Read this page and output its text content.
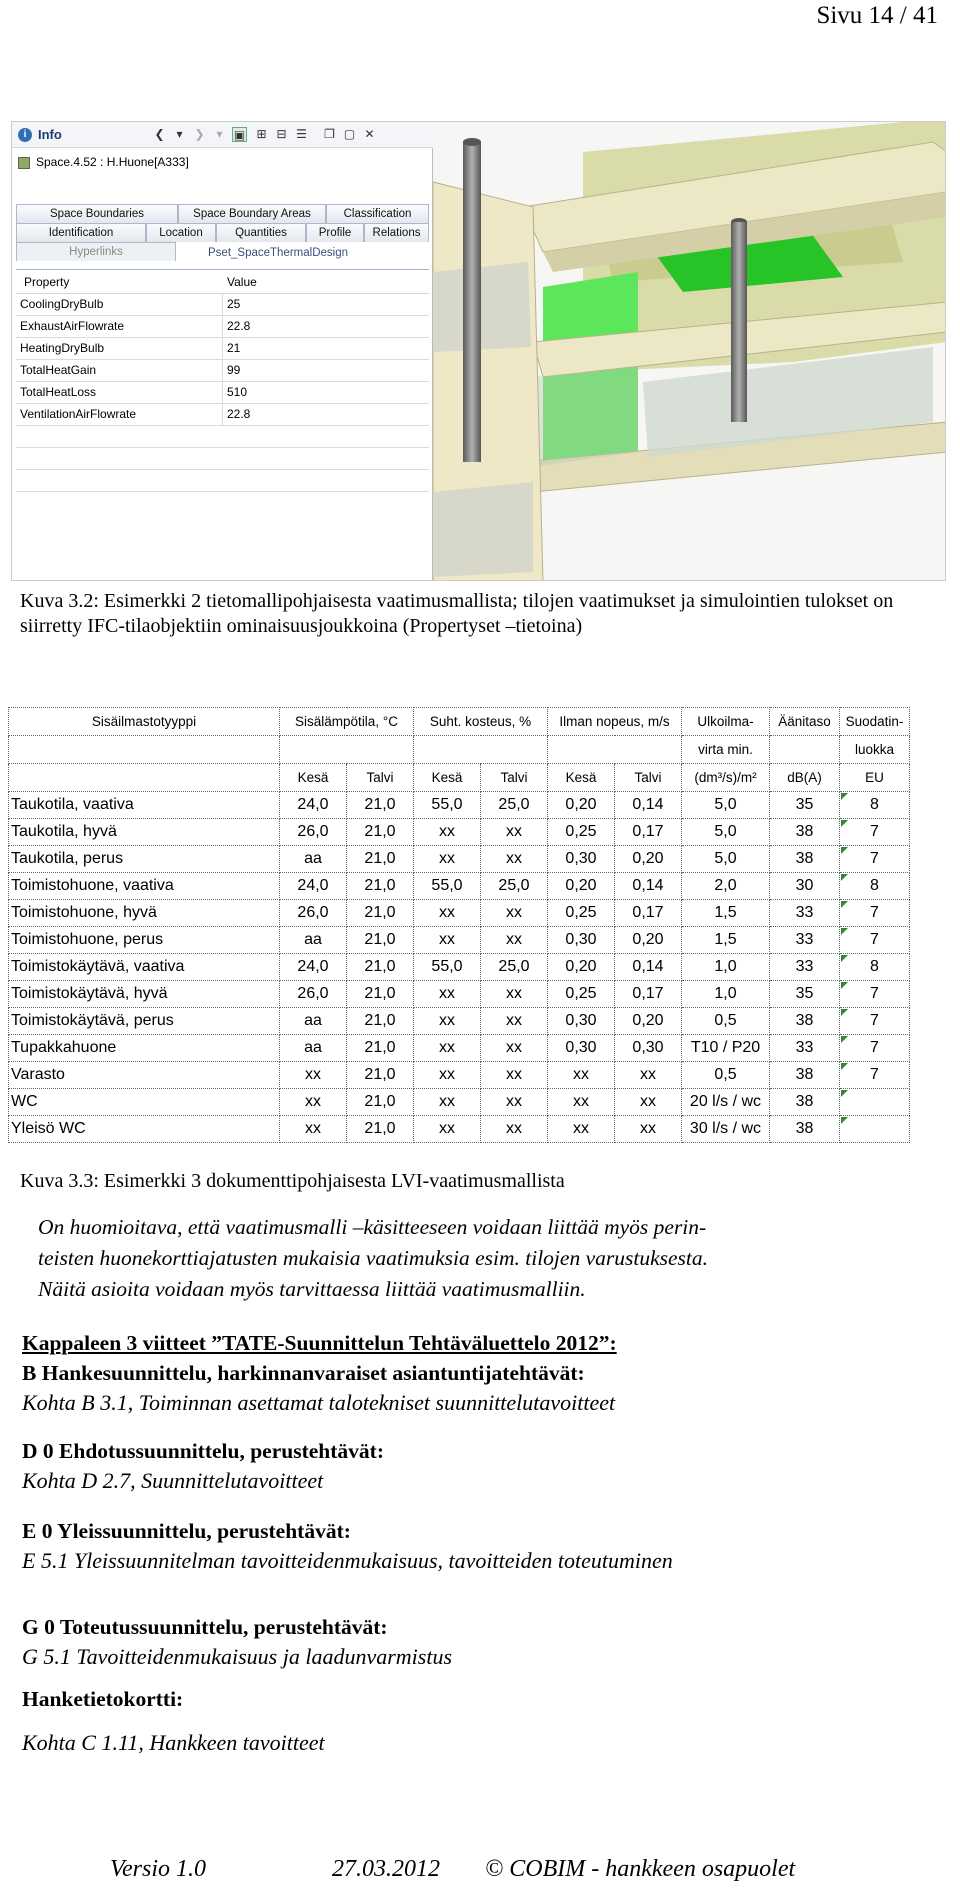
Sivu 14 / 41
i Info	❮ ▾ ❯ ▾ ▣ ⊞ ⊟ ☰ ❐ ▢ ✕
Space.4.52 : H.Huone[A333]
Space Boundaries	Space Boundary Areas	Classification
Identification	Location	Quantities	Profile	Relations
Hyperlinks	Pset_SpaceThermalDesign
Property	Value
CoolingDryBulb	25
ExhaustAirFlowrate	22.8
HeatingDryBulb	21
TotalHeatGain	99
TotalHeatLoss	510
VentilationAirFlowrate	22.8
Kuva 3.2: Esimerkki 2 tietomallipohjaisesta vaatimusmallista; tilojen vaatimukset ja simulointien tulokset on siirretty IFC-tilaobjektiin ominaisuusjoukkoina (Propertyset –tietoina)
Sisäilmastotyyppi	Sisälämpötila, °C		Suht. kosteus, %		Ilman nopeus, m/s		Ulkoilma-	Äänitaso	Suodatin-
							virta min.		luokka
	Kesä	Talvi	Kesä	Talvi	Kesä	Talvi	(dm³/s)/m²	dB(A)	EU
Taukotila, vaativa	24,0	21,0	55,0	25,0	0,20	0,14	5,0	35	8
Taukotila, hyvä	26,0	21,0	xx	xx	0,25	0,17	5,0	38	7
Taukotila, perus	aa	21,0	xx	xx	0,30	0,20	5,0	38	7
Toimistohuone, vaativa	24,0	21,0	55,0	25,0	0,20	0,14	2,0	30	8
Toimistohuone, hyvä	26,0	21,0	xx	xx	0,25	0,17	1,5	33	7
Toimistohuone, perus	aa	21,0	xx	xx	0,30	0,20	1,5	33	7
Toimistokäytävä, vaativa	24,0	21,0	55,0	25,0	0,20	0,14	1,0	33	8
Toimistokäytävä, hyvä	26,0	21,0	xx	xx	0,25	0,17	1,0	35	7
Toimistokäytävä, perus	aa	21,0	xx	xx	0,30	0,20	0,5	38	7
Tupakkahuone	aa	21,0	xx	xx	0,30	0,30	T10 / P20	33	7
Varasto	xx	21,0	xx	xx	xx	xx	0,5	38	7
WC	xx	21,0	xx	xx	xx	xx	20 l/s / wc	38	
Yleisö WC	xx	21,0	xx	xx	xx	xx	30 l/s / wc	38	
Kuva 3.3: Esimerkki 3 dokumenttipohjaisesta LVI-vaatimusmallista
On huomioitava, että vaatimusmalli –käsitteeseen voidaan liittää myös perin-
teisten huonekorttiajatusten mukaisia vaatimuksia esim. tilojen varustuksesta.
Näitä asioita voidaan myös tarvittaessa liittää vaatimusmalliin.
Kappaleen 3 viitteet ”TATE-Suunnittelun Tehtäväluettelo 2012”:
B Hankesuunnittelu, harkinnanvaraiset asiantuntijatehtävät:
Kohta B 3.1, Toiminnan asettamat talotekniset suunnittelutavoitteet
D 0 Ehdotussuunnittelu, perustehtävät:
Kohta D 2.7, Suunnittelutavoitteet
E 0 Yleissuunnittelu, perustehtävät:
E 5.1 Yleissuunnitelman tavoitteidenmukaisuus, tavoitteiden toteutuminen
G 0 Toteutussuunnittelu, perustehtävät:
G 5.1 Tavoitteidenmukaisuus ja laadunvarmistus
Hanketietokortti:
Kohta C 1.11, Hankkeen tavoitteet
Versio 1.0	27.03.2012 © COBIM - hankkeen osapuolet
